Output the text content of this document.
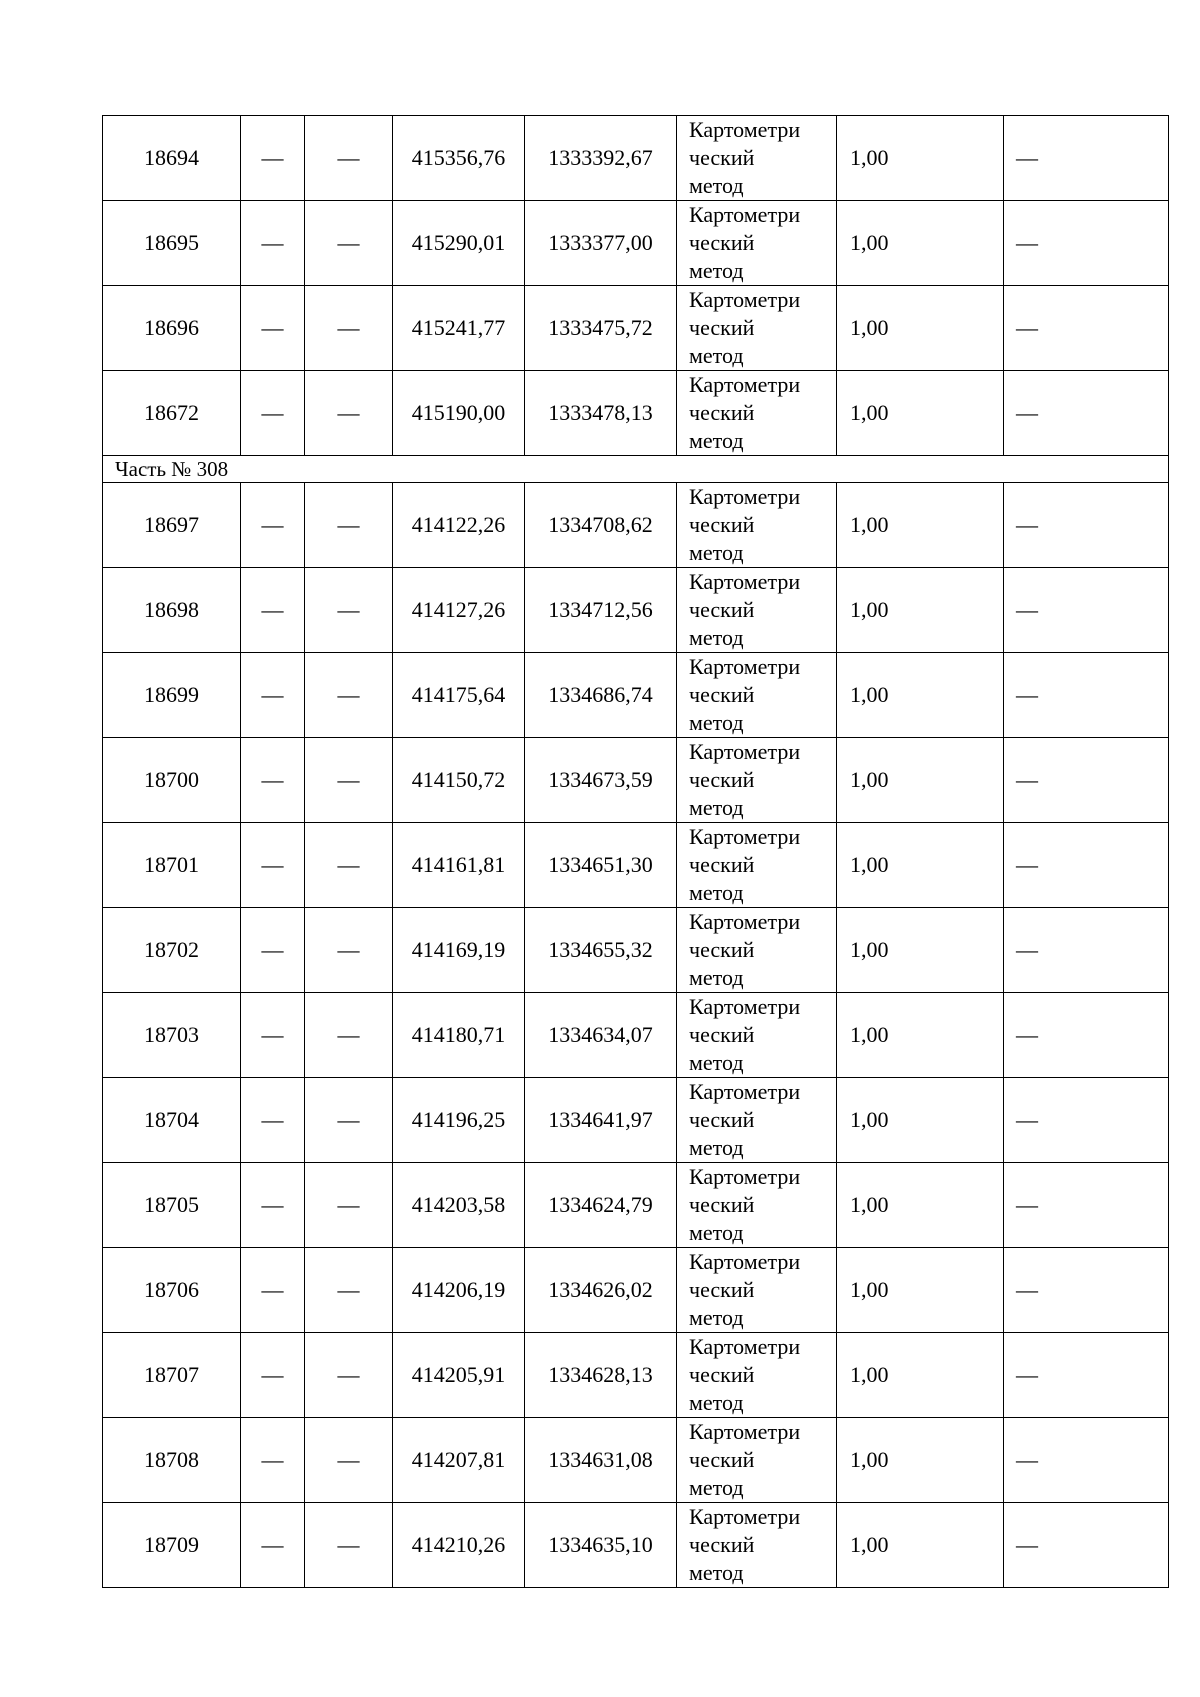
18694	—	—	415356,76	1333392,67	Картометри
ческий
метод	1,00	—
18695	—	—	415290,01	1333377,00	Картометри
ческий
метод	1,00	—
18696	—	—	415241,77	1333475,72	Картометри
ческий
метод	1,00	—
18672	—	—	415190,00	1333478,13	Картометри
ческий
метод	1,00	—
Часть № 308							
18697	—	—	414122,26	1334708,62	Картометри
ческий
метод	1,00	—
18698	—	—	414127,26	1334712,56	Картометри
ческий
метод	1,00	—
18699	—	—	414175,64	1334686,74	Картометри
ческий
метод	1,00	—
18700	—	—	414150,72	1334673,59	Картометри
ческий
метод	1,00	—
18701	—	—	414161,81	1334651,30	Картометри
ческий
метод	1,00	—
18702	—	—	414169,19	1334655,32	Картометри
ческий
метод	1,00	—
18703	—	—	414180,71	1334634,07	Картометри
ческий
метод	1,00	—
18704	—	—	414196,25	1334641,97	Картометри
ческий
метод	1,00	—
18705	—	—	414203,58	1334624,79	Картометри
ческий
метод	1,00	—
18706	—	—	414206,19	1334626,02	Картометри
ческий
метод	1,00	—
18707	—	—	414205,91	1334628,13	Картометри
ческий
метод	1,00	—
18708	—	—	414207,81	1334631,08	Картометри
ческий
метод	1,00	—
18709	—	—	414210,26	1334635,10	Картометри
ческий
метод	1,00	—
